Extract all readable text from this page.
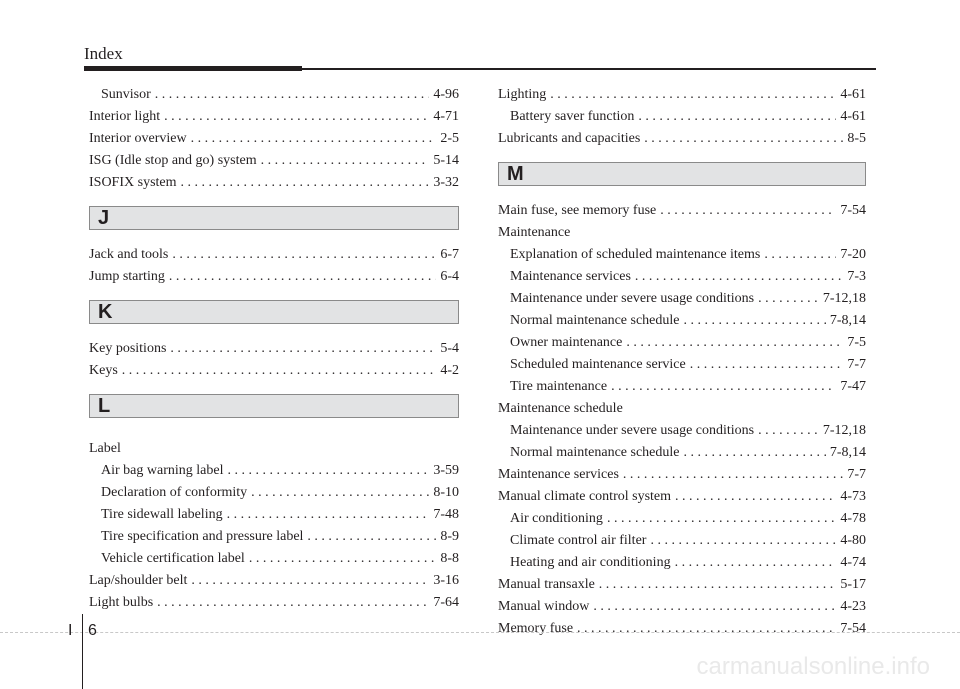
Index
Sunvisor . . .	4-96
Interior light . . .	4-71
Interior overview . . .	2-5
ISG (Idle stop and go) system . . .	5-14
ISOFIX system . . .	3-32
J
Jack and tools . . .	6-7
Jump starting . . .	6-4
K
Key positions . . .	5-4
Keys . . .	4-2
L
Label
Air bag warning label . . .	3-59
Declaration of conformity . . .	8-10
Tire sidewall labeling . . .	7-48
Tire specification and pressure label . . .	8-9
Vehicle certification label . . .	8-8
Lap/shoulder belt . . .	3-16
Light bulbs . . .	7-64
Lighting . . .	4-61
Battery saver function . . .	4-61
Lubricants and capacities . . .	8-5
M
Main fuse, see memory fuse . . .	7-54
Maintenance
Explanation of scheduled maintenance items . . .	7-20
Maintenance services . . .	7-3
Maintenance under severe usage conditions . . .	7-12,18
Normal maintenance schedule . . .	7-8,14
Owner maintenance . . .	7-5
Scheduled maintenance service . . .	7-7
Tire maintenance . . .	7-47
Maintenance schedule
Maintenance under severe usage conditions . . .	7-12,18
Normal maintenance schedule . . .	7-8,14
Maintenance services . . .	7-7
Manual climate control system . . .	4-73
Air conditioning . . .	4-78
Climate control air filter . . .	4-80
Heating and air conditioning . . .	4-74
Manual transaxle . . .	5-17
Manual window . . .	4-23
Memory fuse . . .	7-54
I 6
carmanualsonline.info
